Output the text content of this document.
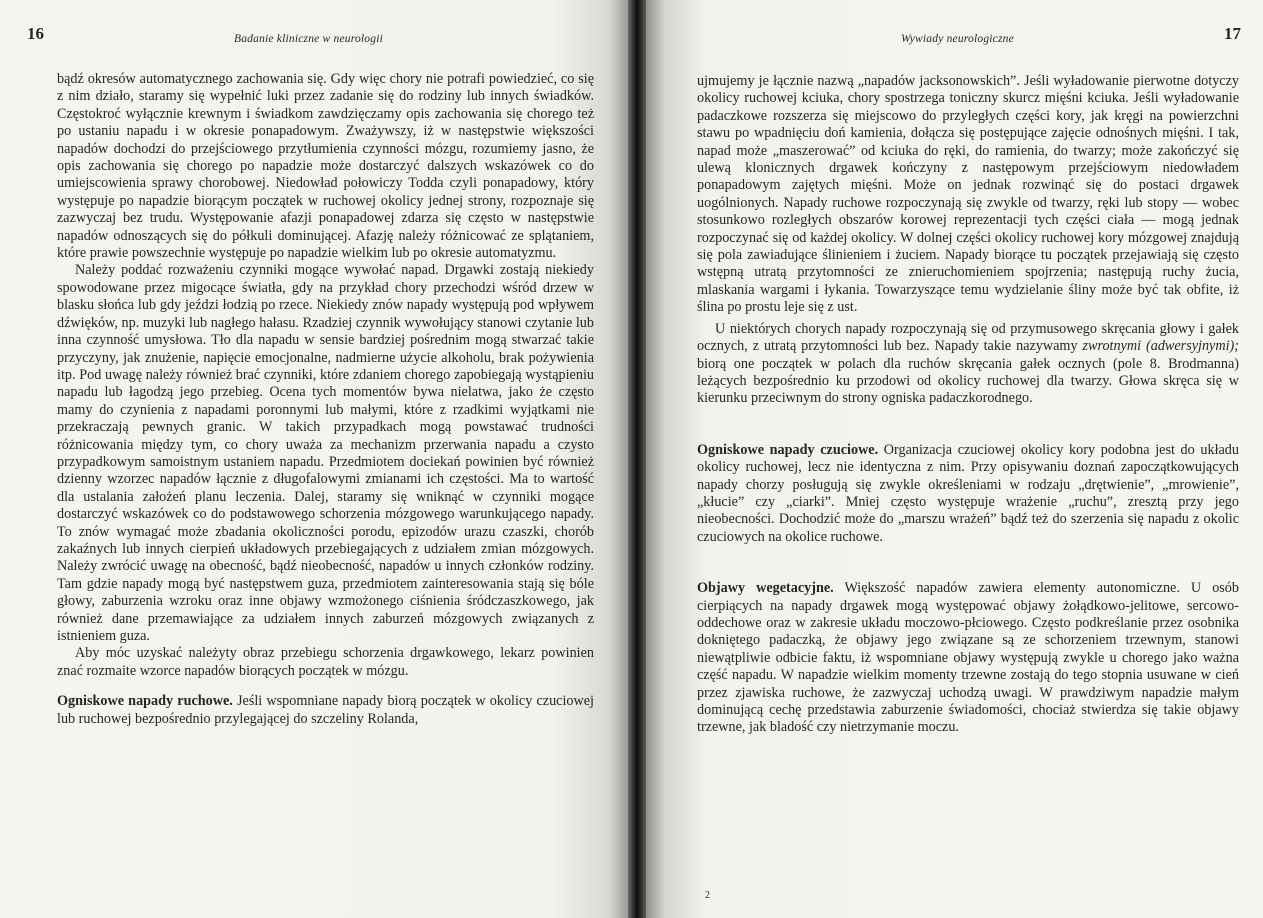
16	Badanie kliniczne w neurologii	Wywiady neurologiczne	17

bądź okresów automatycznego zachowania się. Gdy więc chory nie potrafi powiedzieć, co się z nim działo, staramy się wypełnić luki przez zadanie się do rodziny lub innych świadków. Częstokroć wyłącznie krewnym i świadkom zawdzięczamy opis zachowania się chorego też po ustaniu napadu i w okresie ponapadowym. Zważywszy, iż w następstwie większości napadów dochodzi do przejściowego przytłumienia czynności mózgu, rozumiemy jasno, że opis zachowania się chorego po napadzie może dostarczyć dalszych wskazówek co do umiejscowienia sprawy chorobowej. Niedowład połowiczy Todda czyli ponapadowy, który występuje po napadzie biorącym początek w ruchowej okolicy jednej strony, rozpoznaje się zazwyczaj bez trudu. Występowanie afazji ponapadowej zdarza się często w następstwie napadów odnoszących się do półkuli dominującej. Afazję należy różnicować ze splątaniem, które prawie powszechnie występuje po napadzie wielkim lub po okresie automatyzmu.

Należy poddać rozważeniu czynniki mogące wywołać napad. Drgawki zostają niekiedy spowodowane przez migocące światła, gdy na przykład chory przechodzi wśród drzew w blasku słońca lub gdy jeździ łodzią po rzece. Niekiedy znów napady występują pod wpływem dźwięków, np. muzyki lub nagłego hałasu. Rzadziej czynnik wywołujący stanowi czytanie lub inna czynność umysłowa. Tło dla napadu w sensie bardziej pośrednim mogą stwarzać takie przyczyny, jak znużenie, napięcie emocjonalne, nadmierne użycie alkoholu, brak pożywienia itp. Pod uwagę należy również brać czynniki, które zdaniem chorego zapobiegają wystąpieniu napadu lub łagodzą jego przebieg. Ocena tych momentów bywa nielatwa, jako że często mamy do czynienia z napadami poronnymi lub małymi, które z rzadkimi wyjątkami nie przekraczają pewnych granic. W takich przypadkach mogą powstawać trudności różnicowania między tym, co chory uważa za mechanizm przerwania napadu a czysto przypadkowym samoistnym ustaniem napadu. Przedmiotem dociekań powinien być również dzienny wzorzec napadów łącznie z długofalowymi zmianami ich częstości. Ma to wartość dla ustalania założeń planu leczenia. Dalej, staramy się wniknąć w czynniki mogące dostarczyć wskazówek co do podstawowego schorzenia mózgowego warunkującego napady. To znów wymagać może zbadania okoliczności porodu, epizodów urazu czaszki, chorób zakaźnych lub innych cierpień układowych przebiegających z udziałem zmian mózgowych. Należy zwrócić uwagę na obecność, bądź nieobecność, napadów u innych członków rodziny. Tam gdzie napady mogą być następstwem guza, przedmiotem zainteresowania stają się bóle głowy, zaburzenia wzroku oraz inne objawy wzmożonego ciśnienia śródczaszkowego, jak również dane przemawiające za udziałem innych zaburzeń mózgowych związanych z istnieniem guza.

Aby móc uzyskać należyty obraz przebiegu schorzenia drgawkowego, lekarz powinien znać rozmaite wzorce napadów biorących początek w mózgu.

Ogniskowe napady ruchowe. Jeśli wspomniane napady biorą początek w okolicy czuciowej lub ruchowej bezpośrednio przylegającej do szczeliny Rolanda,

ujmujemy je łącznie nazwą „napadów jacksonowskich”. Jeśli wyładowanie pierwotne dotyczy okolicy ruchowej kciuka, chory spostrzega toniczny skurcz mięśni kciuka. Jeśli wyładowanie padaczkowe rozszerza się miejscowo do przyległych części kory, jak kręgi na powierzchni stawu po wpadnięciu doń kamienia, dołącza się postępujące zajęcie odnośnych mięśni. I tak, napad może „maszerować” od kciuka do ręki, do ramienia, do twarzy; może zakończyć się ulewą klonicznych drgawek kończyny z następowym przejściowym niedowładem ponapadowym zajętych mięśni. Może on jednak rozwinąć się do postaci drgawek uogólnionych. Napady ruchowe rozpoczynają się zwykle od twarzy, ręki lub stopy — wobec stosunkowo rozległych obszarów korowej reprezentacji tych części ciała — mogą jednak rozpoczynać się od każdej okolicy. W dolnej części okolicy ruchowej kory mózgowej znajdują się pola zawiadujące ślinieniem i żuciem. Napady biorące tu początek przejawiają się często wstępną utratą przytomności ze znieruchomieniem spojrzenia; następują ruchy żucia, mlaskania wargami i łykania. Towarzyszące temu wydzielanie śliny może być tak obfite, iż ślina po prostu leje się z ust.

U niektórych chorych napady rozpoczynają się od przymusowego skręcania głowy i gałek ocznych, z utratą przytomności lub bez. Napady takie nazywamy zwrotnymi (adwersyjnymi); biorą one początek w polach dla ruchów skręcania gałek ocznych (pole 8. Brodmanna) leżących bezpośrednio ku przodowi od okolicy ruchowej dla twarzy. Głowa skręca się w kierunku przeciwnym do strony ogniska padaczkorodnego.

Ogniskowe napady czuciowe. Organizacja czuciowej okolicy kory podobna jest do układu okolicy ruchowej, lecz nie identyczna z nim. Przy opisywaniu doznań zapoczątkowujących napady chorzy posługują się zwykle określeniami w rodzaju „drętwienie”, „mrowienie”, „kłucie” czy „ciarki”. Mniej często występuje wrażenie „ruchu”, zresztą przy jego nieobecności. Dochodzić może do „marszu wrażeń” bądź też do szerzenia się napadu z okolic czuciowych na okolice ruchowe.

Objawy wegetacyjne. Większość napadów zawiera elementy autonomiczne. U osób cierpiących na napady drgawek mogą występować objawy żołądkowo-jelitowe, sercowo-oddechowe oraz w zakresie układu moczowo-płciowego. Często podkreślanie przez osobnika dokniętego padaczką, że objawy jego związane są ze schorzeniem trzewnym, stanowi niewątpliwie odbicie faktu, iż wspomniane objawy występują zwykle u chorego jako ważna część napadu. W napadzie wielkim momenty trzewne zostają do tego stopnia usuwane w cień przez zjawiska ruchowe, że zazwyczaj uchodzą uwagi. W prawdziwym napadzie małym dominującą cechę przedstawia zaburzenie świadomości, chociaż stwierdza się takie objawy trzewne, jak bladość czy nietrzymanie moczu.

2
